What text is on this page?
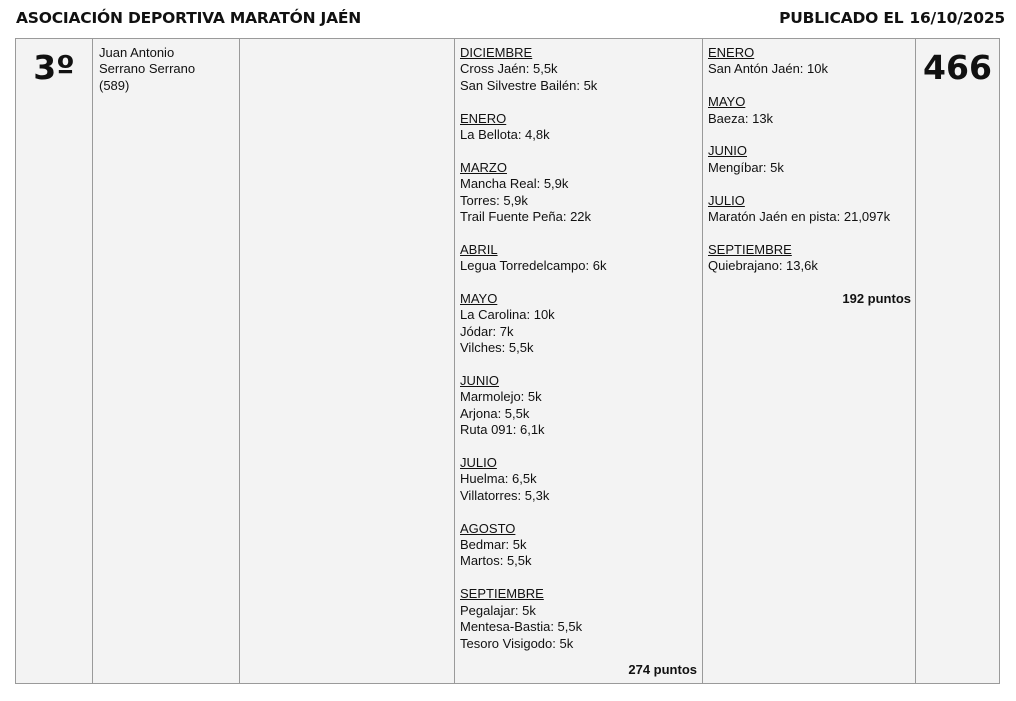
ASOCIACIÓN DEPORTIVA MARATÓN JAÉN	PUBLICADO EL 16/10/2025
3º	Juan Antonio
Serrano Serrano
(589)
DICIEMBRE
Cross Jaén: 5,5k
San Silvestre Bailén: 5k
ENERO
La Bellota: 4,8k
MARZO
Mancha Real: 5,9k
Torres: 5,9k
Trail Fuente Peña: 22k
ABRIL
Legua Torredelcampo: 6k
MAYO
La Carolina: 10k
Jódar: 7k
Vilches: 5,5k
JUNIO
Marmolejo: 5k
Arjona: 5,5k
Ruta 091: 6,1k
JULIO
Huelma: 6,5k
Villatorres: 5,3k
AGOSTO
Bedmar: 5k
Martos: 5,5k
SEPTIEMBRE
Pegalajar: 5k
Mentesa-Bastia: 5,5k
Tesoro Visigodo: 5k
274 puntos
ENERO
San Antón Jaén: 10k
MAYO
Baeza: 13k
JUNIO
Mengíbar: 5k
JULIO
Maratón Jaén en pista: 21,097k
SEPTIEMBRE
Quiebrajano: 13,6k
192 puntos
466
